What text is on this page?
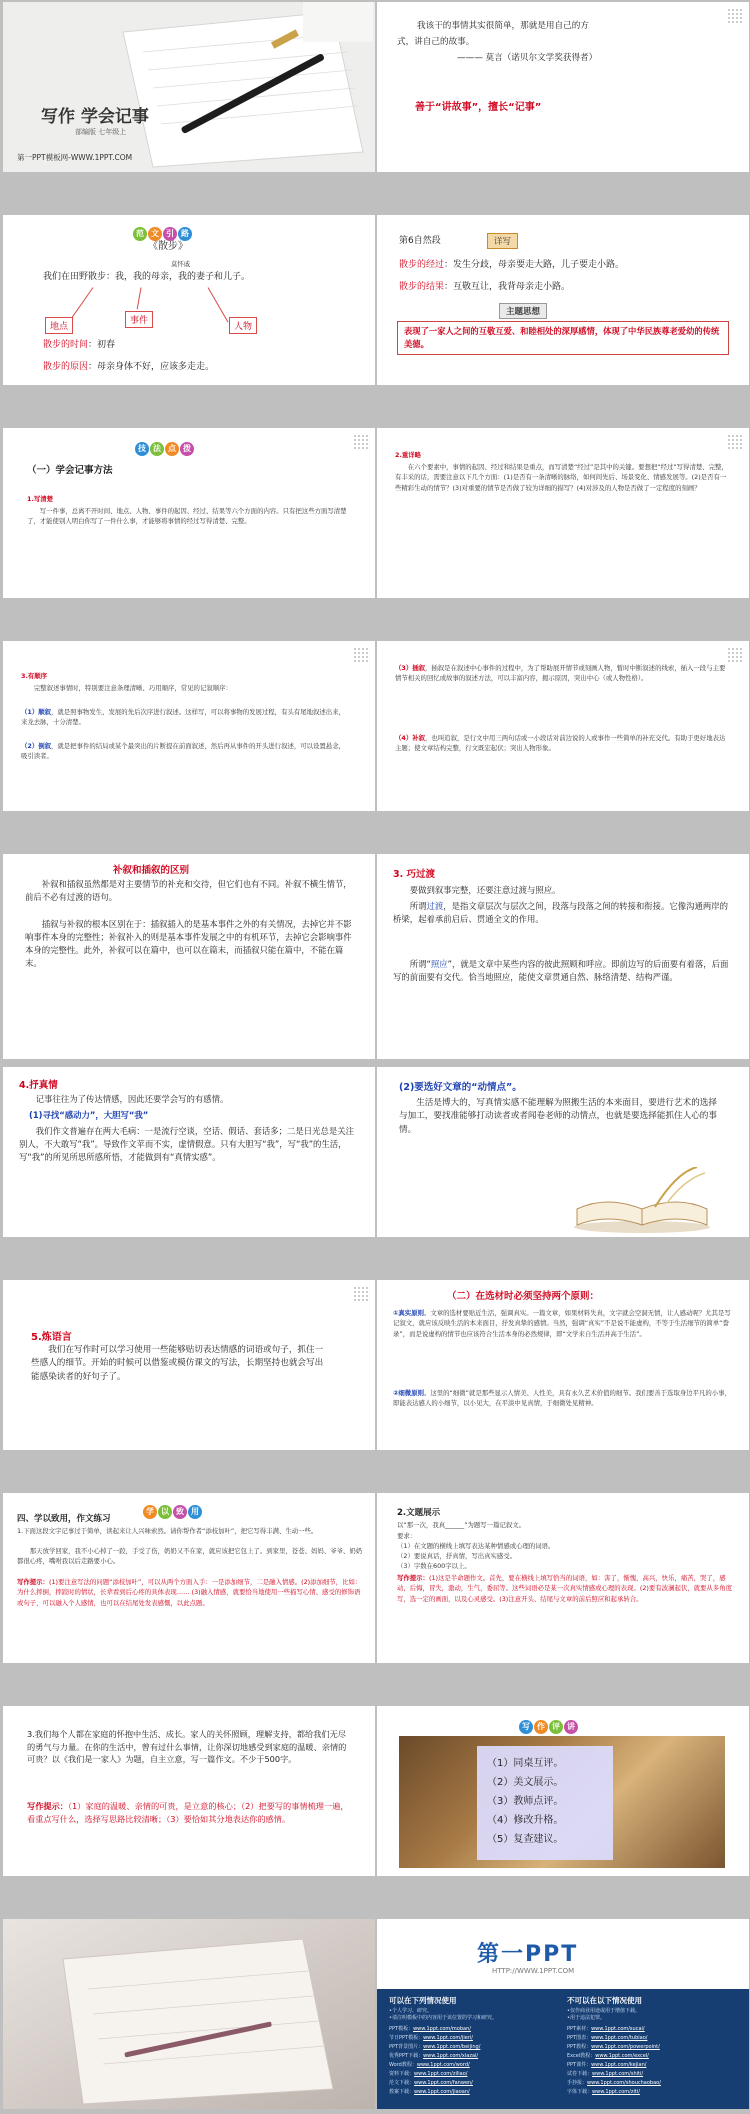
写作 学会记事
部编版 七年级上
第一PPT模板网-WWW.1PPT.COM
我该干的事情其实很简单，那就是用自己的方
式，讲自己的故事。
——— 莫言（诺贝尔文学奖获得者）
善于“讲故事”，擅长“记事”
范 文 引 路
《散步》
莫怀戚
我们在田野散步：我，我的母亲，我的妻子和儿子。
地点
事件
人物
散步的时间：初春
散步的原因：母亲身体不好，应该多走走。
第6自然段	详写
散步的经过：发生分歧，母亲要走大路，儿子要走小路。
散步的结果：互敬互让，我背母亲走小路。
主题思想
表现了一家人之间的互敬互爱、和睦相处的深厚感情，体现了中华民族尊老爱幼的传统美德。
技 法 点 拨
（一）学会记事方法
1.写清楚
写一件事，总离不开时间、地点、人物、事件的起因、经过、结果等六个方面的内容。只有把这些方面写清楚了，才能使别人明白你写了一件什么事，才能够将事情的经过写得清楚、完整。
2.重详略
在六个要素中，事情的起因、经过和结果是重点，而写清楚“经过”是其中的关键。要想把“经过”写得清楚、完整，有丰采的话，需要注意以下几个方面：(1)是否有一条清晰的脉络，如何间先后、场景变化、情感发展等。(2)是否有一些精彩生动的情节？(3)对重要的情节是否做了较为详细的描写？(4)对涉及的人物是否做了一定程度的刻画？
3.有顺序
完整叙述事情时，特别要注意条理清晰、巧用顺序，常见的记叙顺序：
（1）顺叙，就是照事物发生、发展的先后次序进行叙述。这样写，可以将事物的发展过程，有头有尾地叙述出来，来龙去脉，十分清楚。
（2）倒叙，就是把事件的结局或某个最突出的片断提在前面叙述，然后再从事件的开头进行叙述，可以设置悬念，吸引读者。
（3）插叙，插叙是在叙述中心事件的过程中，为了帮助展开情节或刻画人物，暂时中断叙述的线索，插入一段与主要情节相关的回忆或故事的叙述方法，可以丰富内容，揭示原因，突出中心（或人物性格）。
（4）补叙，也叫追叙，是行文中用三两句话或一小段话对前边说的人或事作一些简单的补充交代。有助于更好地表达主题；使文章结构完整，行文既宏起伏；突出人物形象。
补叙和插叙的区别
补叙和插叙虽然都是对主要情节的补充和交待，但它们也有不同。补叙不横生情节，前后不必有过渡的语句。
插叙与补叙的根本区别在于：插叙插入的是基本事件之外的有关情况，去掉它并不影响事件本身的完整性；补叙补入的则是基本事件发展之中的有机环节，去掉它会影响事件本身的完整性。此外，补叙可以在篇中，也可以在篇末，而插叙只能在篇中，不能在篇末。
3. 巧过渡
要做到叙事完整，还要注意过渡与照应。
所谓过渡，是指文章层次与层次之间，段落与段落之间的转接和衔接。它像沟通两岸的桥梁，起着承前启后、贯通全文的作用。
所谓“照应”，就是文章中某些内容的彼此照顾和呼应。即前边写的后面要有着落，后面写的前面要有交代。恰当地照应，能使文章贯通自然、脉络清楚、结构严谨。
4.抒真情
记事往往为了传达情感，因此还要学会写的有感情。
(1)寻找“感动力”，大胆写“我”
我们作文普遍存在两大毛病：一是流行空谈，空话、假话、套话多；二是日光总是关注别人，不大敢写“我”。导致作文苹而不实，虚情假意。只有大胆写“我”，写“我”的生活，写“我”的所见所思所感所悟，才能做到有“真情实感”。
(2)要选好文章的“动情点”。
生活是博大的，写真情实感不能理解为照搬生活的本来面目，要进行艺术的选择与加工，要找准能够打动读者或者闻卷老师的动情点，也就是要选择能抓住人心的事情。
5.炼语言
我们在写作时可以学习使用一些能够贴切表达情感的词语或句子，抓住一些感人的细节。开始的时候可以借鉴或模仿课文的写法，长期坚持也就会写出能感染读者的好句子了。
（二）在选材时必须坚持两个原则：
①真实原则。文章的选材要贴近生活，强调真实。一篇文章，如果材料失真，文字就会空洞无情，让人感动呢？尤其是写记叙文，就应该反映生活的本来面目，抒发真挚的感情。当然，强调“真实”不是说不能虚构，不等于生活细节的简单“誊录”，而是说虚构的情节也应该符合生活本身的必然规律，即“文学来自生活并高于生活”。
②细微原则。这里的“细微”就是那些显示人情美、人性美，具有永久艺术价值的细节。我们要善于选取身边平凡的小事，即能表达感人的小细节，以小见大，在平淡中见真情，于细微处见精神。
学 以 致 用
四、学以致用，作文练习
1.下面这段文字记事过于简单，读起来让人兴味索然。请你帮作者“添枝加叶”，把它写得丰满、生动一些。
那天放学回家，我不小心掉了一跤，手受了伤，奶奶又不在家，就应该把它包上了。到家里，苍苍、妈妈、爷爷、奶奶都很心疼，嘴咐我以后走路要小心。
写作提示：(1)要注意写法的问题“添枝加叶”，可以从两个方面入手：一是添加细节，二是融入情感。(2)添加细节，比如：为什么摔倒，摔跤时的情状，长辈看到后心疼的具体表现…… (3)融入情感，就要恰当地使用一些描写心情、感受的修饰语或句子，可以融入个人感情，也可以在结尾处发表感慨，以此点题。
2.文题展示
以“那一次，我真______”为题写一篇记叙文。
要求：
（1）在文题的横线上填写表达某种情感或心理的词语。
（2）要说真话，抒真情，写出真实感受。
（3）字数在600字以上。
写作提示：(1)这是半命题作文。首先，要在横线上填写恰当的词语，如：害了，惭愧，高兴，快乐，痛苦，哭了，感动，后悔，冒失，激动，生气，委屈等。这些词语必是某一次真实情感或心理的表现。(2)要有波澜起伏，就要从多角度写，选一定的画面，以及心灵感受。(3)注意开头、结尾与文章的前后照应和起承转合。
3.我们每个人都在家庭的怀抱中生活、成长。家人的关怀照顾，理解支持，都给我们无尽的勇气与力量。在你的生活中，曾有过什么事情，让你深切地感受到家庭的温暖、亲情的可贵？以《我们是一家人》为题，自主立意，写一篇作文。不少于500字。
写作提示：（1）家庭的温暖、亲情的可贵，是立意的核心；（2）把要写的事情梳理一遍，看重点写什么，选择写思路比较清晰；（3）要恰如其分地表达你的感情。
写 作 评 讲
（1）同桌互评。
（2）美文展示。
（3）教师点评。
（4）修改升格。
（5）复查建议。
第一PPT
HTTP://WWW.1PPT.COM
可以在下列情况使用
•个人学习、研究。
•请注明模板中的内容用于该位置的学习和研究。
不可以在以下情况使用
•仅作商业用途或用于增值下载。
•用于违法犯罪。
PPT模板：www.1ppt.com/moban/
节日PPT模板：www.1ppt.com/jieri/
PPT背景图片：www.1ppt.com/beijing/
优秀PPT下载：www.1ppt.com/xiazai/
Word教程：www.1ppt.com/word/
资料下载：www.1ppt.com/ziliao/
范文下载：www.1ppt.com/fanwen/
教案下载：www.1ppt.com/jiaoan/
PPT素材：www.1ppt.com/sucai/
PPT图表：www.1ppt.com/tubiao/
PPT教程：www.1ppt.com/powerpoint/
Excel教程：www.1ppt.com/excel/
PPT课件：www.1ppt.com/kejian/
试卷下载：www.1ppt.com/shiti/
手抄报：www.1ppt.com/shouchaobao/
字体下载：www.1ppt.com/ziti/
